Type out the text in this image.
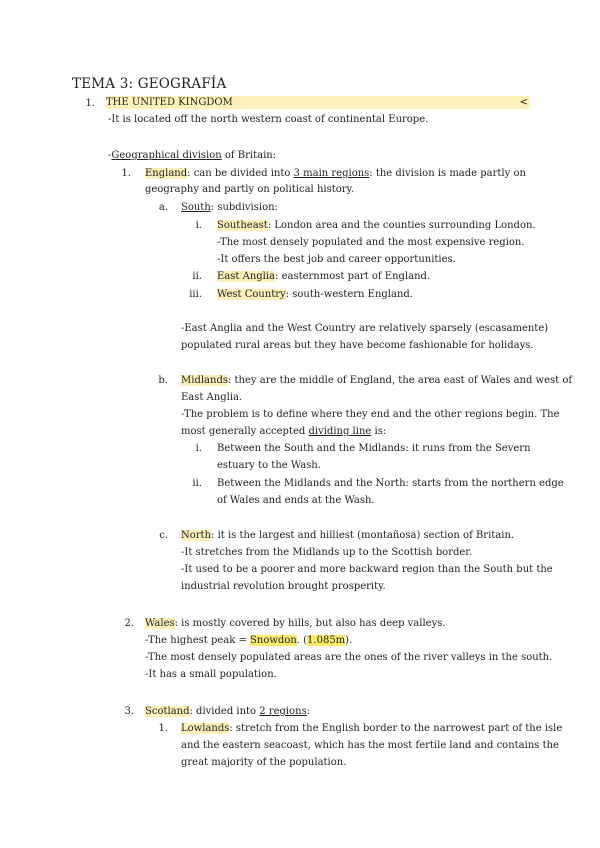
TEMA 3: GEOGRAFÍA
1. THE UNITED KINGDOM	<
-It is located off the north western coast of continental Europe.
-Geographical division of Britain:
1. England: can be divided into 3 main regions: the division is made partly on
geography and partly on political history.
a. South: subdivision:
i. Southeast: London area and the counties surrounding London.
-The most densely populated and the most expensive region.
-It offers the best job and career opportunities.
ii. East Anglia: easternmost part of England.
iii. West Country: south-western England.
-East Anglia and the West Country are relatively sparsely (escasamente)
populated rural areas but they have become fashionable for holidays.
b. Midlands: they are the middle of England, the area east of Wales and west of
East Anglia.
-The problem is to define where they end and the other regions begin. The
most generally accepted dividing line is:
i. Between the South and the Midlands: it runs from the Severn
estuary to the Wash.
ii. Between the Midlands and the North: starts from the northern edge
of Wales and ends at the Wash.
c. North: it is the largest and hilliest (montañosa) section of Britain.
-It stretches from the Midlands up to the Scottish border.
-It used to be a poorer and more backward region than the South but the
industrial revolution brought prosperity.
2. Wales: is mostly covered by hills, but also has deep valleys.
-The highest peak = Snowdon. (1.085m).
-The most densely populated areas are the ones of the river valleys in the south.
-It has a small population.
3. Scotland: divided into 2 regions:
1. Lowlands: stretch from the English border to the narrowest part of the isle
and the eastern seacoast, which has the most fertile land and contains the
great majority of the population.
